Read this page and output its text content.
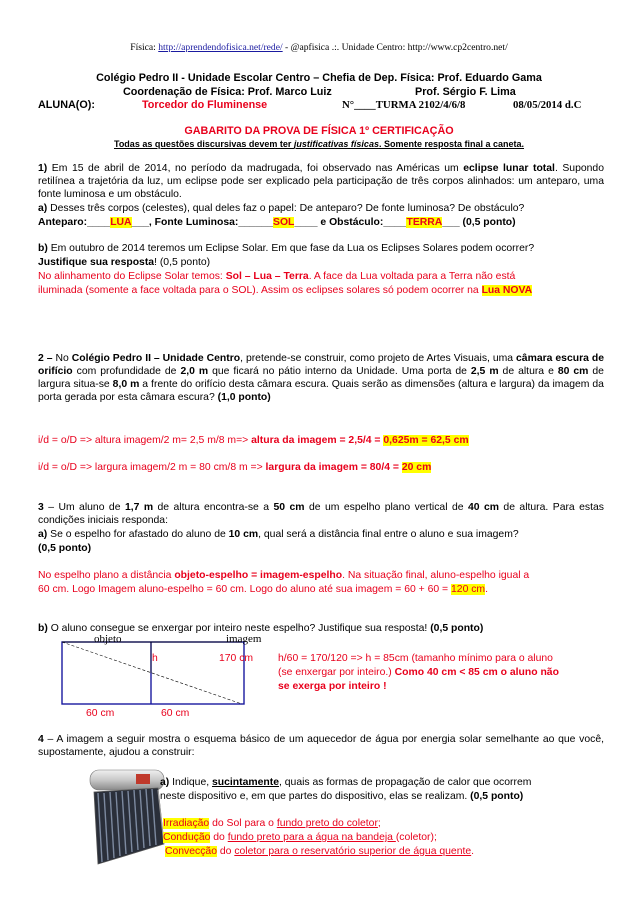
Física: http://aprendendofisica.net/rede/ - @apfisica .:. Unidade Centro: http://www.cp2centro.net/
Colégio Pedro II - Unidade Escolar Centro – Chefia de Dep. Física: Prof. Eduardo Gama
Coordenação de Física: Prof. Marco Luiz	Prof. Sérgio F. Lima
ALUNA(O):	Torcedor do Fluminense	N°____TURMA 2102/4/6/8	08/05/2014 d.C
GABARITO DA PROVA DE FÍSICA 1º CERTIFICAÇÃO
Todas as questões discursivas devem ter justificativas físicas. Somente resposta final a caneta.
1) Em 15 de abril de 2014, no período da madrugada, foi observado nas Américas um eclipse lunar total. Supondo retilínea a trajetória da luz, um eclipse pode ser explicado pela participação de três corpos alinhados: um anteparo, uma fonte luminosa e um obstáculo.
a) Desses três corpos (celestes), qual deles faz o papel: De anteparo? De fonte luminosa? De obstáculo?
Anteparo:____LUA___, Fonte Luminosa:______SOL____ e Obstáculo:____TERRA___ (0,5 ponto)
b) Em outubro de 2014 teremos um Eclipse Solar. Em que fase da Lua os Eclipses Solares podem ocorrer?
Justifique sua resposta! (0,5 ponto)
No alinhamento do Eclipse Solar temos: Sol – Lua – Terra. A face da Lua voltada para a Terra não está
iluminada (somente a face voltada para o SOL). Assim os eclipses solares só podem ocorrer na Lua NOVA
2 – No Colégio Pedro II – Unidade Centro, pretende-se construir, como projeto de Artes Visuais, uma câmara escura de orifício com profundidade de 2,0 m que ficará no pátio interno da Unidade. Uma porta de 2,5 m de altura e 80 cm de largura situa-se 8,0 m a frente do orifício desta câmara escura. Quais serão as dimensões (altura e largura) da imagem da porta gerada por esta câmara escura? (1,0 ponto)
i/d = o/D => altura imagem/2 m= 2,5 m/8 m=> altura da imagem = 2,5/4 = 0,625m = 62,5 cm
i/d = o/D => largura imagem/2 m = 80 cm/8 m => largura da imagem = 80/4 = 20 cm
3 – Um aluno de 1,7 m de altura encontra-se a 50 cm de um espelho plano vertical de 40 cm de altura. Para estas condições iniciais responda:
a) Se o espelho for afastado do aluno de 10 cm, qual será a distância final entre o aluno e sua imagem?
(0,5 ponto)
No espelho plano a distância objeto-espelho = imagem-espelho. Na situação final, aluno-espelho igual a
60 cm. Logo Imagem aluno-espelho = 60 cm. Logo do aluno até sua imagem = 60 + 60 = 120 cm.
b) O aluno consegue se enxergar por inteiro neste espelho? Justifique sua resposta! (0,5 ponto)
objeto	imagem
h	170 cm
60 cm	60 cm
h/60 = 170/120 => h = 85cm (tamanho mínimo para o aluno
(se enxergar por inteiro.) Como 40 cm < 85 cm o aluno não
se exerga por inteiro !
4 – A imagem a seguir mostra o esquema básico de um aquecedor de água por energia solar semelhante ao que você, supostamente, ajudou a construir:
a) Indique, sucintamente, quais as formas de propagação de calor que ocorrem
neste dispositivo e, em que partes do dispositivo, elas se realizam. (0,5 ponto)
Irradiação do Sol para o fundo preto do coletor;
Condução do fundo preto para a água na bandeja (coletor);
Convecção do coletor para o reservatório superior de água quente.
